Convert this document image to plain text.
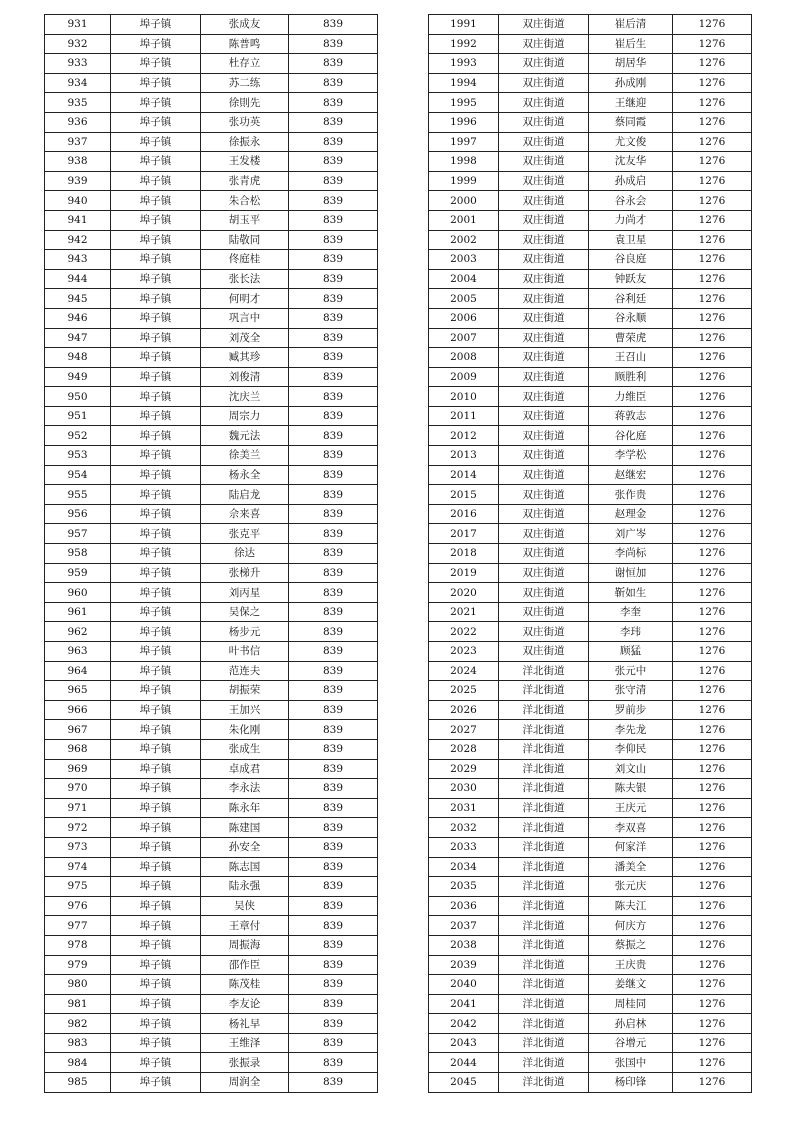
931	埠子镇	张成友	839
932	埠子镇	陈普鸣	839
933	埠子镇	杜存立	839
934	埠子镇	苏二练	839
935	埠子镇	徐則先	839
936	埠子镇	张功英	839
937	埠子镇	徐振永	839
938	埠子镇	王发楼	839
939	埠子镇	张青虎	839
940	埠子镇	朱合松	839
941	埠子镇	胡玉平	839
942	埠子镇	陆敬同	839
943	埠子镇	佟庭桂	839
944	埠子镇	张长法	839
945	埠子镇	何明才	839
946	埠子镇	巩言中	839
947	埠子镇	刘茂全	839
948	埠子镇	臧其珍	839
949	埠子镇	刘俊清	839
950	埠子镇	沈庆兰	839
951	埠子镇	周宗力	839
952	埠子镇	魏元法	839
953	埠子镇	徐美兰	839
954	埠子镇	杨永全	839
955	埠子镇	陆启龙	839
956	埠子镇	佘来喜	839
957	埠子镇	张克平	839
958	埠子镇	徐达	839
959	埠子镇	张梯升	839
960	埠子镇	刘丙星	839
961	埠子镇	吴保之	839
962	埠子镇	杨步元	839
963	埠子镇	叶书信	839
964	埠子镇	范连夫	839
965	埠子镇	胡振荣	839
966	埠子镇	王加兴	839
967	埠子镇	朱化刚	839
968	埠子镇	张成生	839
969	埠子镇	卓成君	839
970	埠子镇	李永法	839
971	埠子镇	陈永年	839
972	埠子镇	陈建国	839
973	埠子镇	孙安全	839
974	埠子镇	陈志国	839
975	埠子镇	陆永强	839
976	埠子镇	吴侠	839
977	埠子镇	王章付	839
978	埠子镇	周振海	839
979	埠子镇	邵作臣	839
980	埠子镇	陈茂桂	839
981	埠子镇	李友论	839
982	埠子镇	杨礼早	839
983	埠子镇	王维泽	839
984	埠子镇	张振录	839
985	埠子镇	周润全	839
1991	双庄街道	崔后清	1276
1992	双庄街道	崔后生	1276
1993	双庄街道	胡居华	1276
1994	双庄街道	孙成刚	1276
1995	双庄街道	王继迎	1276
1996	双庄街道	蔡同霞	1276
1997	双庄街道	尤文俊	1276
1998	双庄街道	沈友华	1276
1999	双庄街道	孙成启	1276
2000	双庄街道	谷永会	1276
2001	双庄街道	力尚才	1276
2002	双庄街道	袁卫星	1276
2003	双庄街道	谷良庭	1276
2004	双庄街道	钟跃友	1276
2005	双庄街道	谷利廷	1276
2006	双庄街道	谷永顺	1276
2007	双庄街道	曹荣虎	1276
2008	双庄街道	王召山	1276
2009	双庄街道	顾胜利	1276
2010	双庄街道	力维臣	1276
2011	双庄街道	蒋敦志	1276
2012	双庄街道	谷化庭	1276
2013	双庄街道	李学松	1276
2014	双庄街道	赵继宏	1276
2015	双庄街道	张作贵	1276
2016	双庄街道	赵理金	1276
2017	双庄街道	刘广岑	1276
2018	双庄街道	李尚标	1276
2019	双庄街道	谢恒加	1276
2020	双庄街道	靳如生	1276
2021	双庄街道	李奎	1276
2022	双庄街道	李玮	1276
2023	双庄街道	顾猛	1276
2024	洋北街道	张元中	1276
2025	洋北街道	张守清	1276
2026	洋北街道	罗前步	1276
2027	洋北街道	李先龙	1276
2028	洋北街道	李仰民	1276
2029	洋北街道	刘文山	1276
2030	洋北街道	陈夫银	1276
2031	洋北街道	王庆元	1276
2032	洋北街道	李双喜	1276
2033	洋北街道	何家洋	1276
2034	洋北街道	潘美全	1276
2035	洋北街道	张元庆	1276
2036	洋北街道	陈夫江	1276
2037	洋北街道	何庆方	1276
2038	洋北街道	蔡振之	1276
2039	洋北街道	王庆贵	1276
2040	洋北街道	姜继文	1276
2041	洋北街道	周桂同	1276
2042	洋北街道	孙启林	1276
2043	洋北街道	谷增元	1276
2044	洋北街道	张国中	1276
2045	洋北街道	杨印锋	1276
